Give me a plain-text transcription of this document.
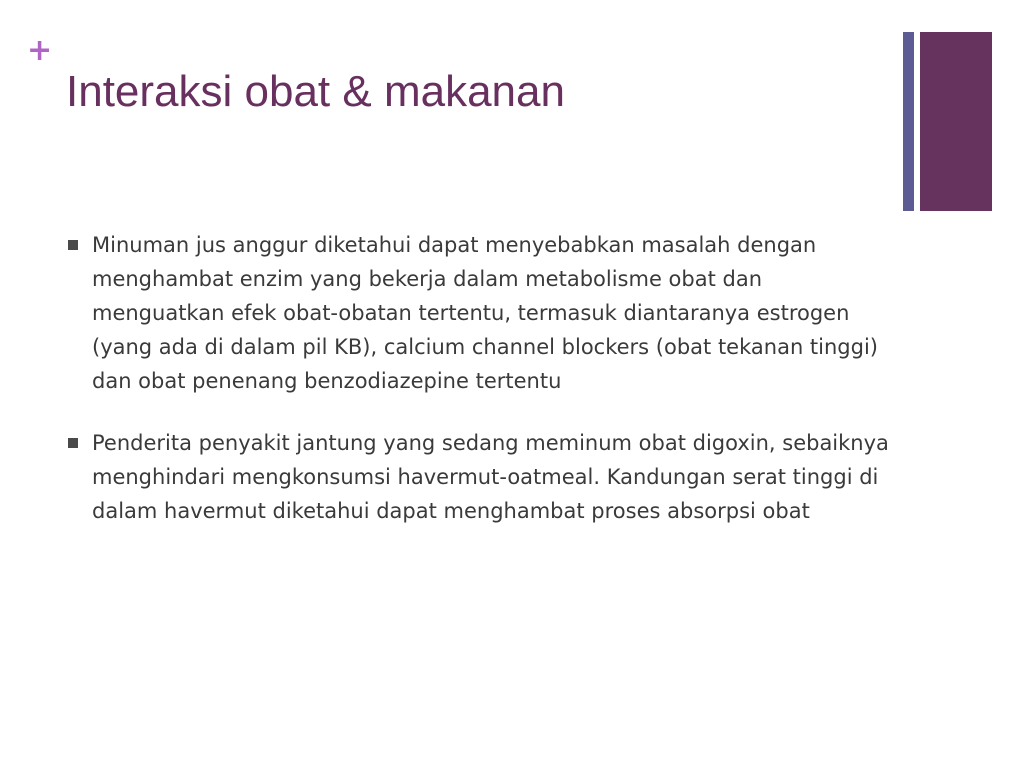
+
Interaksi obat & makanan
Minuman jus anggur diketahui dapat menyebabkan masalah dengan menghambat enzim yang bekerja dalam metabolisme obat dan menguatkan efek obat-obatan tertentu, termasuk diantaranya estrogen (yang ada di dalam pil KB), calcium channel blockers (obat tekanan tinggi) dan obat penenang benzodiazepine tertentu
Penderita penyakit jantung yang sedang meminum obat digoxin, sebaiknya menghindari mengkonsumsi havermut-oatmeal. Kandungan serat tinggi di dalam havermut diketahui dapat menghambat proses absorpsi obat
